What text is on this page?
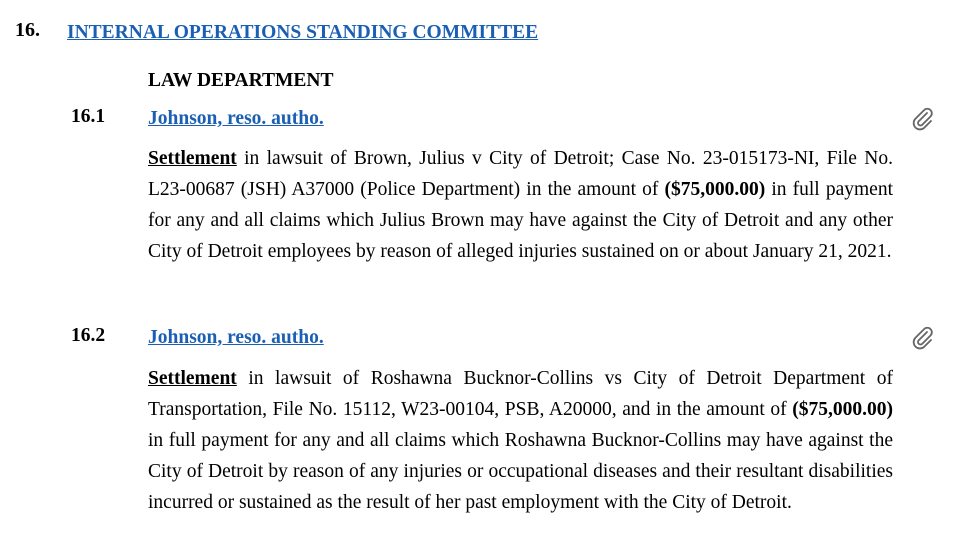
16. INTERNAL OPERATIONS STANDING COMMITTEE
LAW DEPARTMENT
16.1 Johnson, reso. autho.
Settlement in lawsuit of Brown, Julius v City of Detroit; Case No. 23-015173-NI, File No. L23-00687 (JSH) A37000 (Police Department) in the amount of ($75,000.00) in full payment for any and all claims which Julius Brown may have against the City of Detroit and any other City of Detroit employees by reason of alleged injuries sustained on or about January 21, 2021.
16.2 Johnson, reso. autho.
Settlement in lawsuit of Roshawna Bucknor-Collins vs City of Detroit Department of Transportation, File No. 15112, W23-00104, PSB, A20000, and in the amount of ($75,000.00) in full payment for any and all claims which Roshawna Bucknor-Collins may have against the City of Detroit by reason of any injuries or occupational diseases and their resultant disabilities incurred or sustained as the result of her past employment with the City of Detroit.
